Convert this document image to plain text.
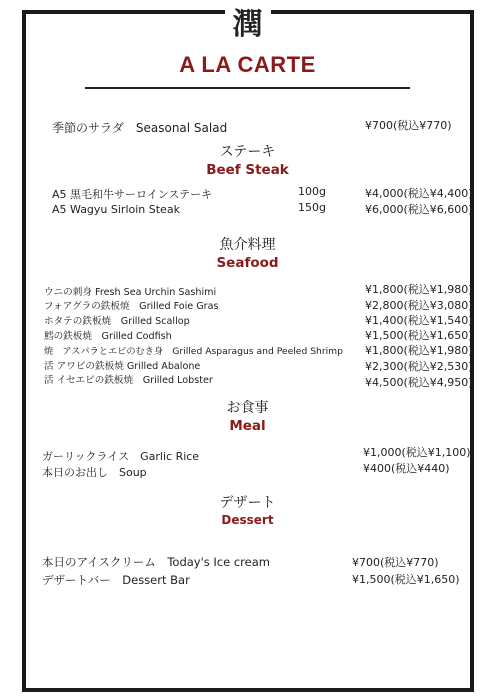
潤
A LA CARTE
季節のサラダ　Seasonal Salad	¥700(税込¥770)
ステーキ
Beef Steak
A5 黒毛和牛サーロインステーキ	100g	¥4,000(税込¥4,400)
A5 Wagyu Sirloin Steak	150g	¥6,000(税込¥6,600)
魚介料理
Seafood
ウニの刺身 Fresh Sea Urchin Sashimi	¥1,800(税込¥1,980)
フォアグラの鉄板焼　Grilled Foie Gras	¥2,800(税込¥3,080)
ホタテの鉄板焼　Grilled Scallop	¥1,400(税込¥1,540)
鱈の鉄板焼　Grilled Codfish	¥1,500(税込¥1,650)
焼　アスパラとエビのむき身　Grilled Asparagus and Peeled Shrimp ¥1,800(税込¥1,980)
活 アワビの鉄板焼 Grilled Abalone	¥2,300(税込¥2,530)
活 イセエビの鉄板焼　Grilled Lobster	¥4,500(税込¥4,950)
お食事
Meal
ガーリックライス　Garlic Rice	¥1,000(税込¥1,100)
本日のお出し　Soup	¥400(税込¥440)
デザート
Dessert
本日のアイスクリーム　Today's Ice cream	¥700(税込¥770)
デザートバー　Dessert Bar	¥1,500(税込¥1,650)
